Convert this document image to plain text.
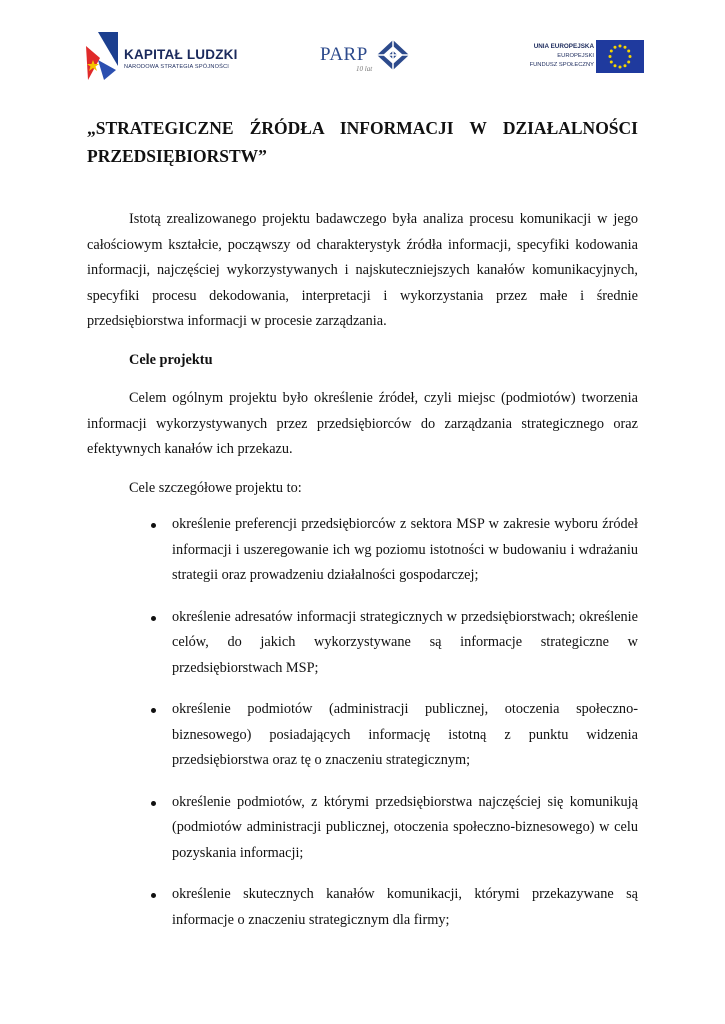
KAPITAŁ LUDZKI
NARODOWA STRATEGIA SPÓJNOŚCI
PARP
10 lat
UNIA EUROPEJSKA
EUROPEJSKI
FUNDUSZ SPOŁECZNY
„STRATEGICZNE ŹRÓDŁA INFORMACJI W DZIAŁALNOŚCI PRZEDSIĘBIORSTW”

Istotą zrealizowanego projektu badawczego była analiza procesu komunikacji w jego całościowym kształcie, począwszy od charakterystyk źródła informacji, specyfiki kodowania informacji, najczęściej wykorzystywanych i najskuteczniejszych kanałów komunikacyjnych, specyfiki procesu dekodowania, interpretacji i wykorzystania przez małe i średnie przedsiębiorstwa informacji w procesie zarządzania.

Cele projektu

Celem ogólnym projektu było określenie źródeł, czyli miejsc (podmiotów) tworzenia informacji wykorzystywanych przez przedsiębiorców do zarządzania strategicznego oraz efektywnych kanałów ich przekazu.

Cele szczegółowe projektu to:

określenie preferencji przedsiębiorców z sektora MSP w zakresie wyboru źródeł informacji i uszeregowanie ich wg poziomu istotności w budowaniu i wdrażaniu strategii oraz prowadzeniu działalności gospodarczej;
określenie adresatów informacji strategicznych w przedsiębiorstwach; określenie celów, do jakich wykorzystywane są informacje strategiczne w przedsiębiorstwach MSP;
określenie podmiotów (administracji publicznej, otoczenia społeczno-biznesowego) posiadających informację istotną z punktu widzenia przedsiębiorstwa oraz tę o znaczeniu strategicznym;
określenie podmiotów, z którymi przedsiębiorstwa najczęściej się komunikują (podmiotów administracji publicznej, otoczenia społeczno-biznesowego) w celu pozyskania informacji;
określenie skutecznych kanałów komunikacji, którymi przekazywane są informacje o znaczeniu strategicznym dla firmy;
